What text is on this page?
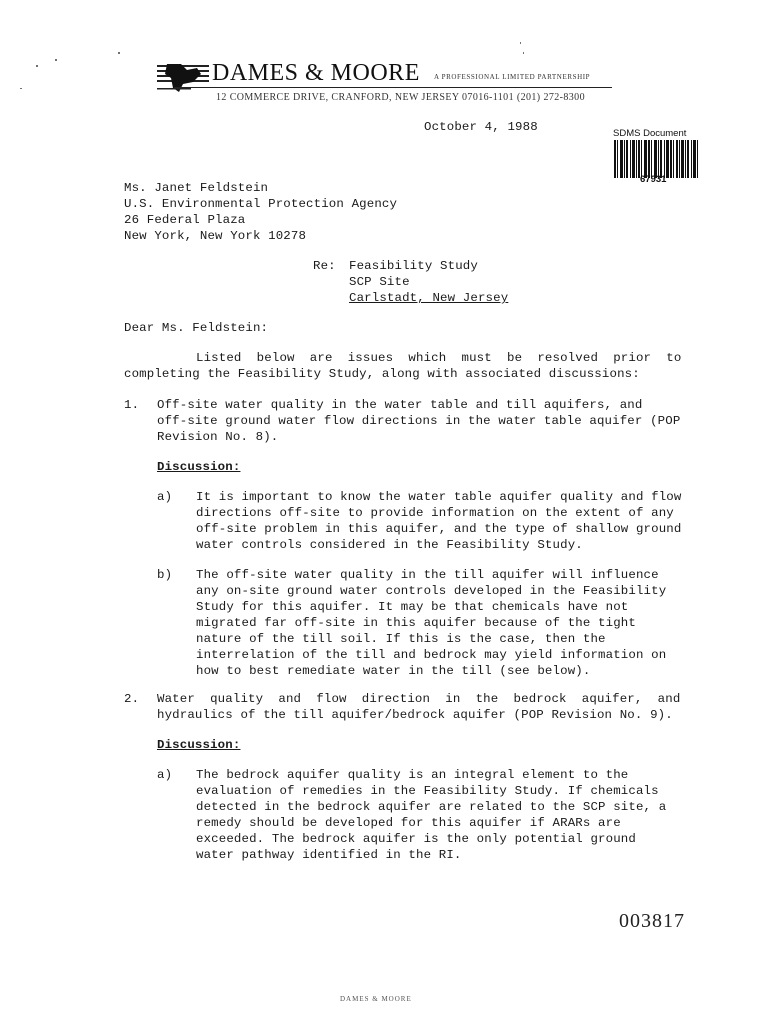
DAMES & MOORE A PROFESSIONAL LIMITED PARTNERSHIP
12 COMMERCE DRIVE, CRANFORD, NEW JERSEY 07016-1101 (201) 272-8300
October 4, 1988	SDMS Document
67931
Ms. Janet Feldstein
U.S. Environmental Protection Agency
26 Federal Plaza
New York, New York 10278
Re: Feasibility Study
SCP Site
Carlstadt, New Jersey
Dear Ms. Feldstein:
Listed  below  are  issues  which  must  be  resolved  prior  to
completing the Feasibility Study, along with associated discussions:
1. Off-site water quality in the water table and till aquifers, and
off-site ground water flow directions in the water table aquifer (POP
Revision No. 8).
Discussion:
a) It is important to know the water table aquifer quality and flow
directions off-site to provide information on the extent of any
off-site problem in this aquifer, and the type of shallow ground
water controls considered in the Feasibility Study.
b) The off-site water quality in the till aquifer will influence
any on-site ground water controls developed in the Feasibility
Study for this aquifer. It may be that chemicals have not
migrated far off-site in this aquifer because of the tight
nature of the till soil. If this is the case, then the
interrelation of the till and bedrock may yield information on
how to best remediate water in the till (see below).
2. Water  quality  and  flow  direction  in  the  bedrock  aquifer,  and
hydraulics of the till aquifer/bedrock aquifer (POP Revision No. 9).
Discussion:
a) The bedrock aquifer quality is an integral element to the
evaluation of remedies in the Feasibility Study. If chemicals
detected in the bedrock aquifer are related to the SCP site, a
remedy should be developed for this aquifer if ARARs are
exceeded. The bedrock aquifer is the only potential ground
water pathway identified in the RI.
003817
DAMES & MOORE
